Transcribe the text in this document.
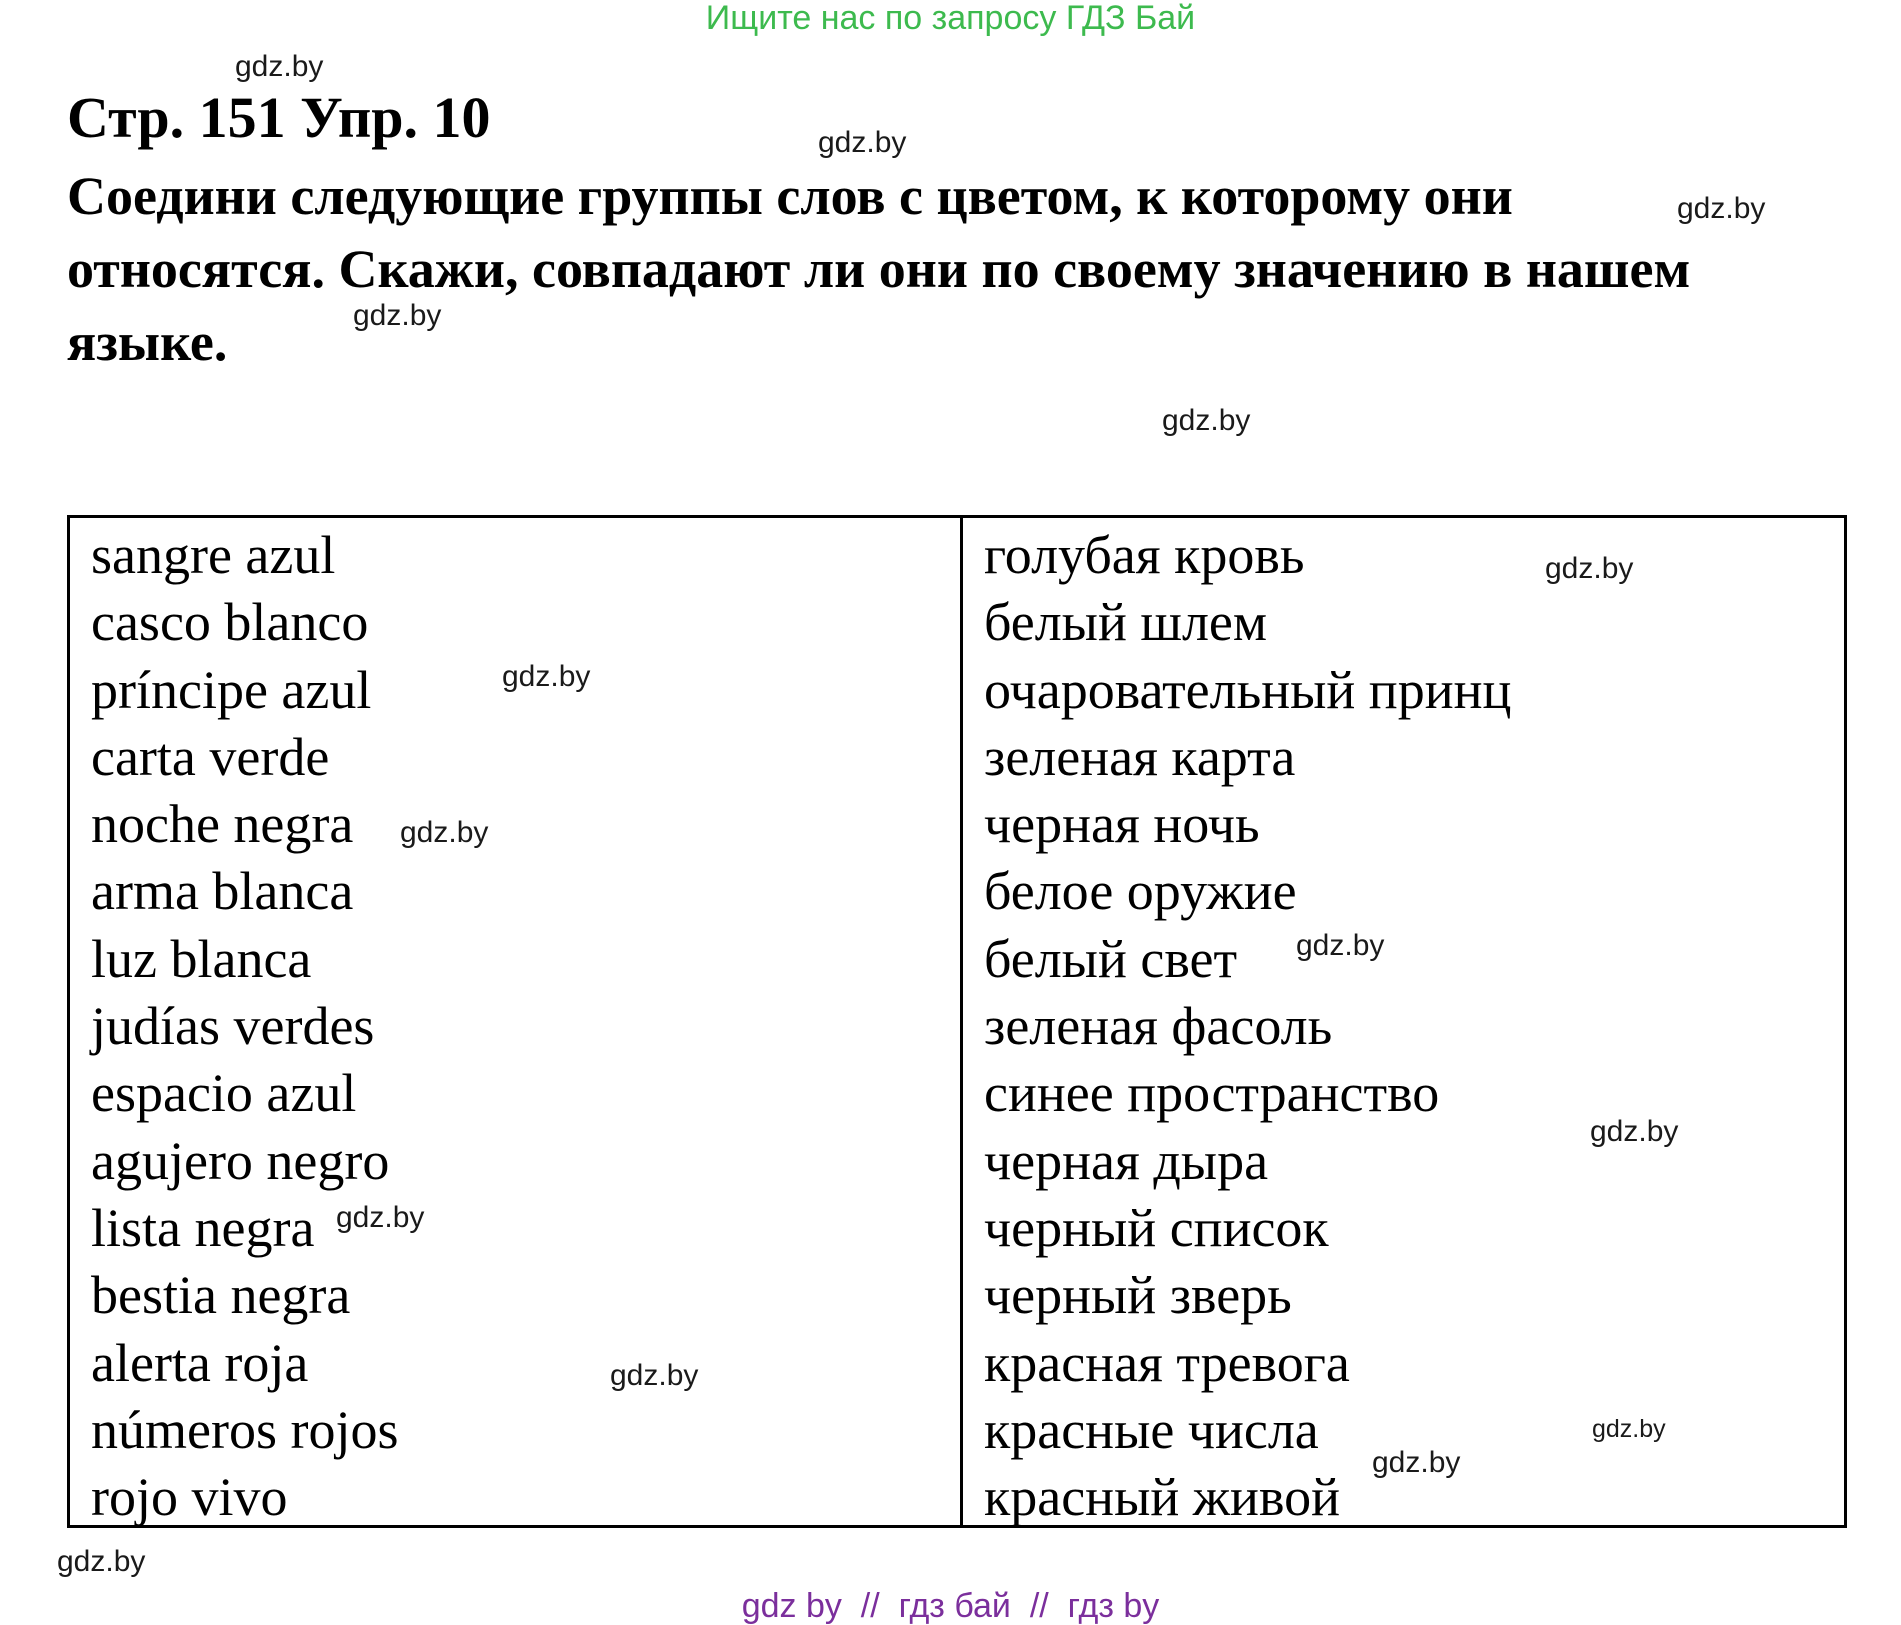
Ищите нас по запросу ГДЗ Бай
Стр. 151 Упр. 10
Соедини следующие группы слов с цветом, к которому они
относятся. Скажи, совпадают ли они по своему значению в нашем
языке.
sangre azul
casco blanco
príncipe azul
carta verde
noche negra
arma blanca
luz blanca
judías verdes
espacio azul
agujero negro
lista negra
bestia negra
alerta roja
números rojos
rojo vivo
голубая кровь
белый шлем
очаровательный принц
зеленая карта
черная ночь
белое оружие
белый свет
зеленая фасоль
синее пространство
черная дыра
черный список
черный зверь
красная тревога
красные числа
красный живой
gdz.by
gdz.by
gdz.by
gdz.by
gdz.by
gdz.by
gdz.by
gdz.by
gdz.by
gdz.by
gdz.by
gdz.by
gdz.by
gdz.by
gdz.by
gdz by  //  гдз бай  //  гдз by
